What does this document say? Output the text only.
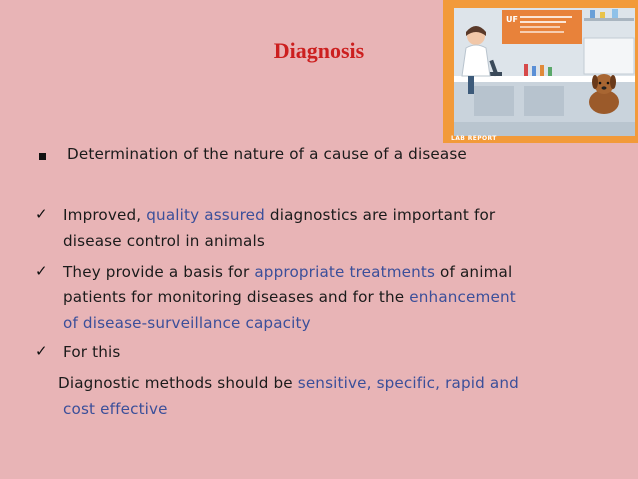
Diagnosis
UF
LAB REPORT
Determination of the nature of a cause of a disease
✓ Improved, quality assured diagnostics are important for
disease control in animals
✓ They provide a basis for appropriate treatments of animal
patients for monitoring diseases and for the enhancement
of disease-surveillance capacity
✓ For this
Diagnostic methods should be sensitive, specific, rapid and
cost effective
